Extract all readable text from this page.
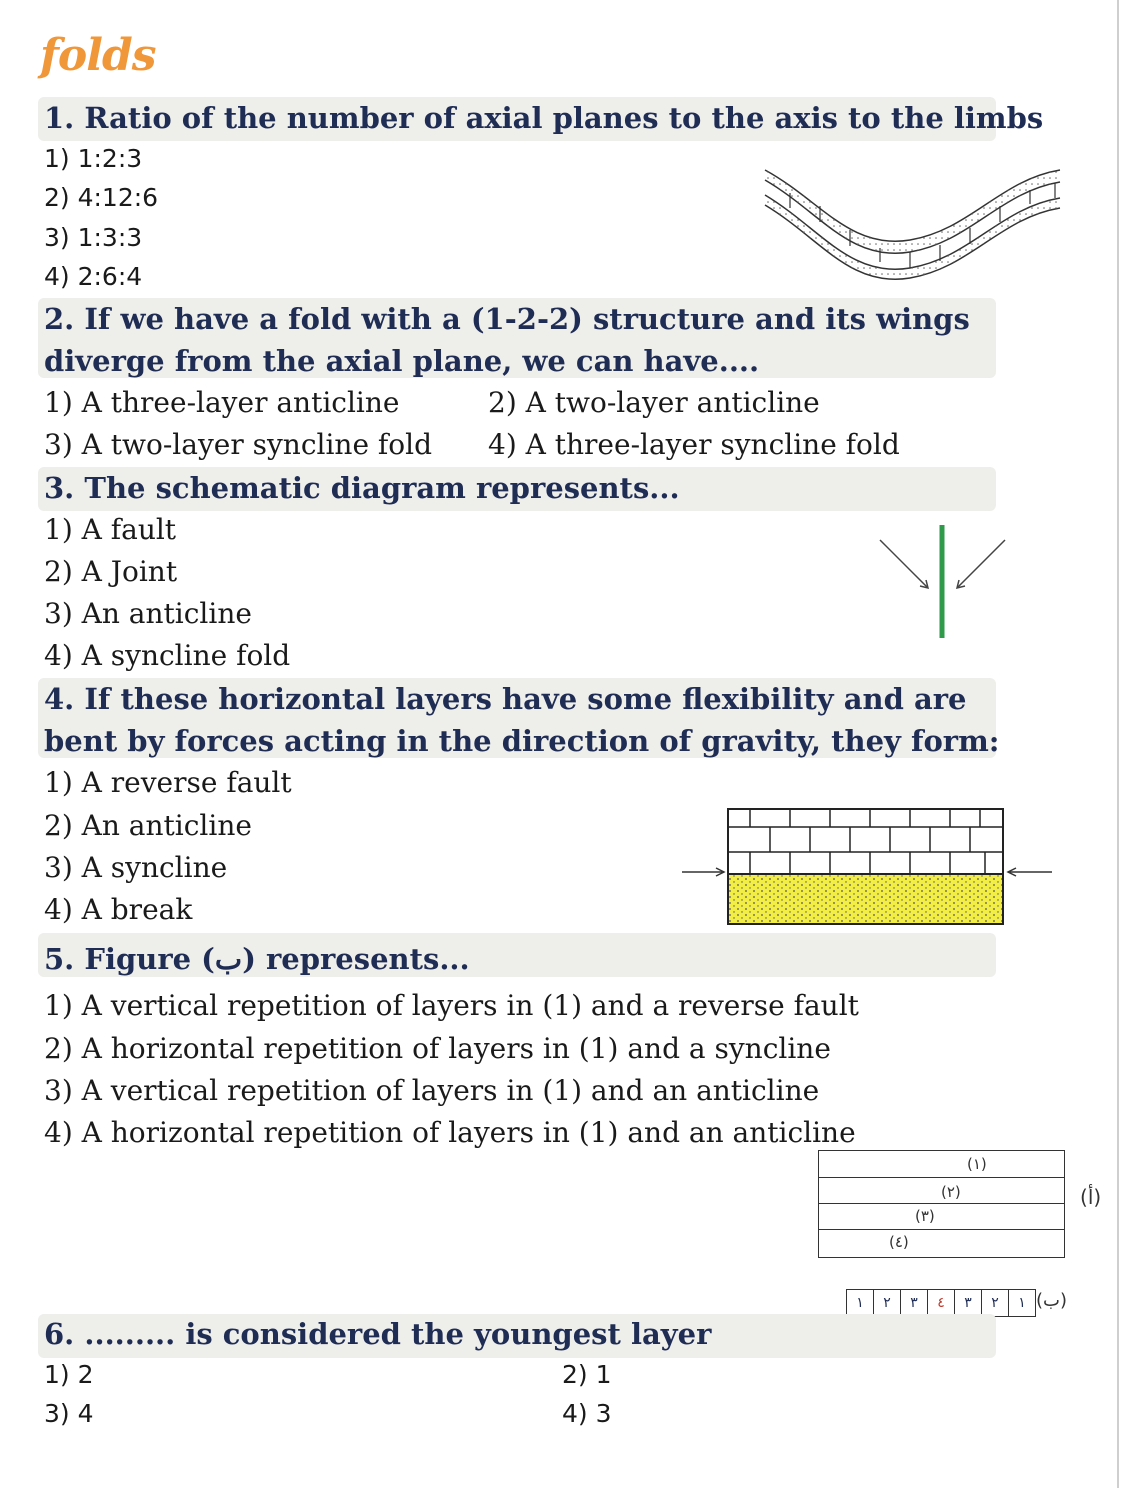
folds
1. Ratio of the number of axial planes to the axis to the limbs
1) 1:2:3
2) 4:12:6
3) 1:3:3
4) 2:6:4
2. If we have a fold with a (1-2-2) structure and its wings
diverge from the axial plane, we can have....
1) A three-layer anticline	2) A two-layer anticline
3) A two-layer syncline fold 4) A three-layer syncline fold
3. The schematic diagram represents...
1) A fault
2) A Joint
3) An anticline
4) A syncline fold
4. If these horizontal layers have some flexibility and are
bent by forces acting in the direction of gravity, they form:
1) A reverse fault
2) An anticline
3) A syncline
4) A break
5. Figure (ب) represents...
1) A vertical repetition of layers in (1) and a reverse fault
2) A horizontal repetition of layers in (1) and a syncline
3) A vertical repetition of layers in (1) and an anticline
4) A horizontal repetition of layers in (1) and an anticline
(١)
(٢)
(٣)
(٤)
(أ)
١	٢	٣	٤	٣	٢	١ (ب)
6. ......... is considered the youngest layer
1) 2	2) 1
3) 4	4) 3
